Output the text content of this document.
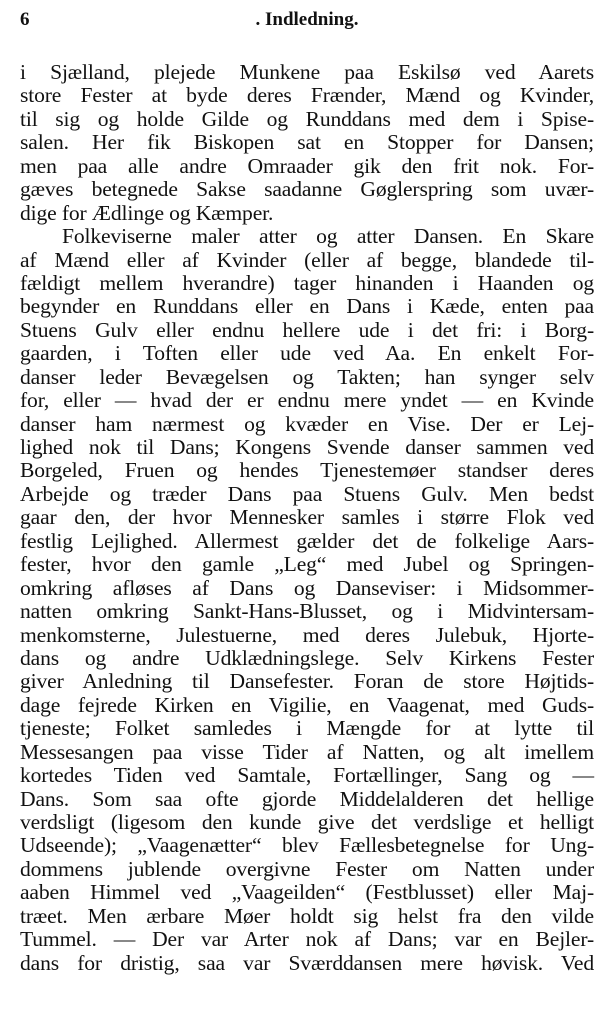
6	. Indledning.
i Sjælland, plejede Munkene paa Eskilsø ved Aarets
store Fester at byde deres Frænder, Mænd og Kvinder,
til sig og holde Gilde og Runddans med dem i Spise-
salen. Her fik Biskopen sat en Stopper for Dansen;
men paa alle andre Omraader gik den frit nok. For-
gæves betegnede Sakse saadanne Gøglerspring som uvær-
dige for Ædlinge og Kæmper.
Folkeviserne maler atter og atter Dansen. En Skare
af Mænd eller af Kvinder (eller af begge, blandede til-
fældigt mellem hverandre) tager hinanden i Haanden og
begynder en Runddans eller en Dans i Kæde, enten paa
Stuens Gulv eller endnu hellere ude i det fri: i Borg-
gaarden, i Toften eller ude ved Aa. En enkelt For-
danser leder Bevægelsen og Takten; han synger selv
for, eller — hvad der er endnu mere yndet — en Kvinde
danser ham nærmest og kvæder en Vise. Der er Lej-
lighed nok til Dans; Kongens Svende danser sammen ved
Borgeled, Fruen og hendes Tjenestemøer standser deres
Arbejde og træder Dans paa Stuens Gulv. Men bedst
gaar den, der hvor Mennesker samles i større Flok ved
festlig Lejlighed. Allermest gælder det de folkelige Aars-
fester, hvor den gamle „Leg“ med Jubel og Springen-
omkring afløses af Dans og Danseviser: i Midsommer-
natten omkring Sankt-Hans-Blusset, og i Midvintersam-
menkomsterne, Julestuerne, med deres Julebuk, Hjorte-
dans og andre Udklædningslege. Selv Kirkens Fester
giver Anledning til Dansefester. Foran de store Højtids-
dage fejrede Kirken en Vigilie, en Vaagenat, med Guds-
tjeneste; Folket samledes i Mængde for at lytte til
Messesangen paa visse Tider af Natten, og alt imellem
kortedes Tiden ved Samtale, Fortællinger, Sang og —
Dans. Som saa ofte gjorde Middelalderen det hellige
verdsligt (ligesom den kunde give det verdslige et helligt
Udseende); „Vaagenætter“ blev Fællesbetegnelse for Ung-
dommens jublende overgivne Fester om Natten under
aaben Himmel ved „Vaageilden“ (Festblusset) eller Maj-
træet. Men ærbare Møer holdt sig helst fra den vilde
Tummel. — Der var Arter nok af Dans; var en Bejler-
dans for dristig, saa var Sværddansen mere høvisk. Ved
